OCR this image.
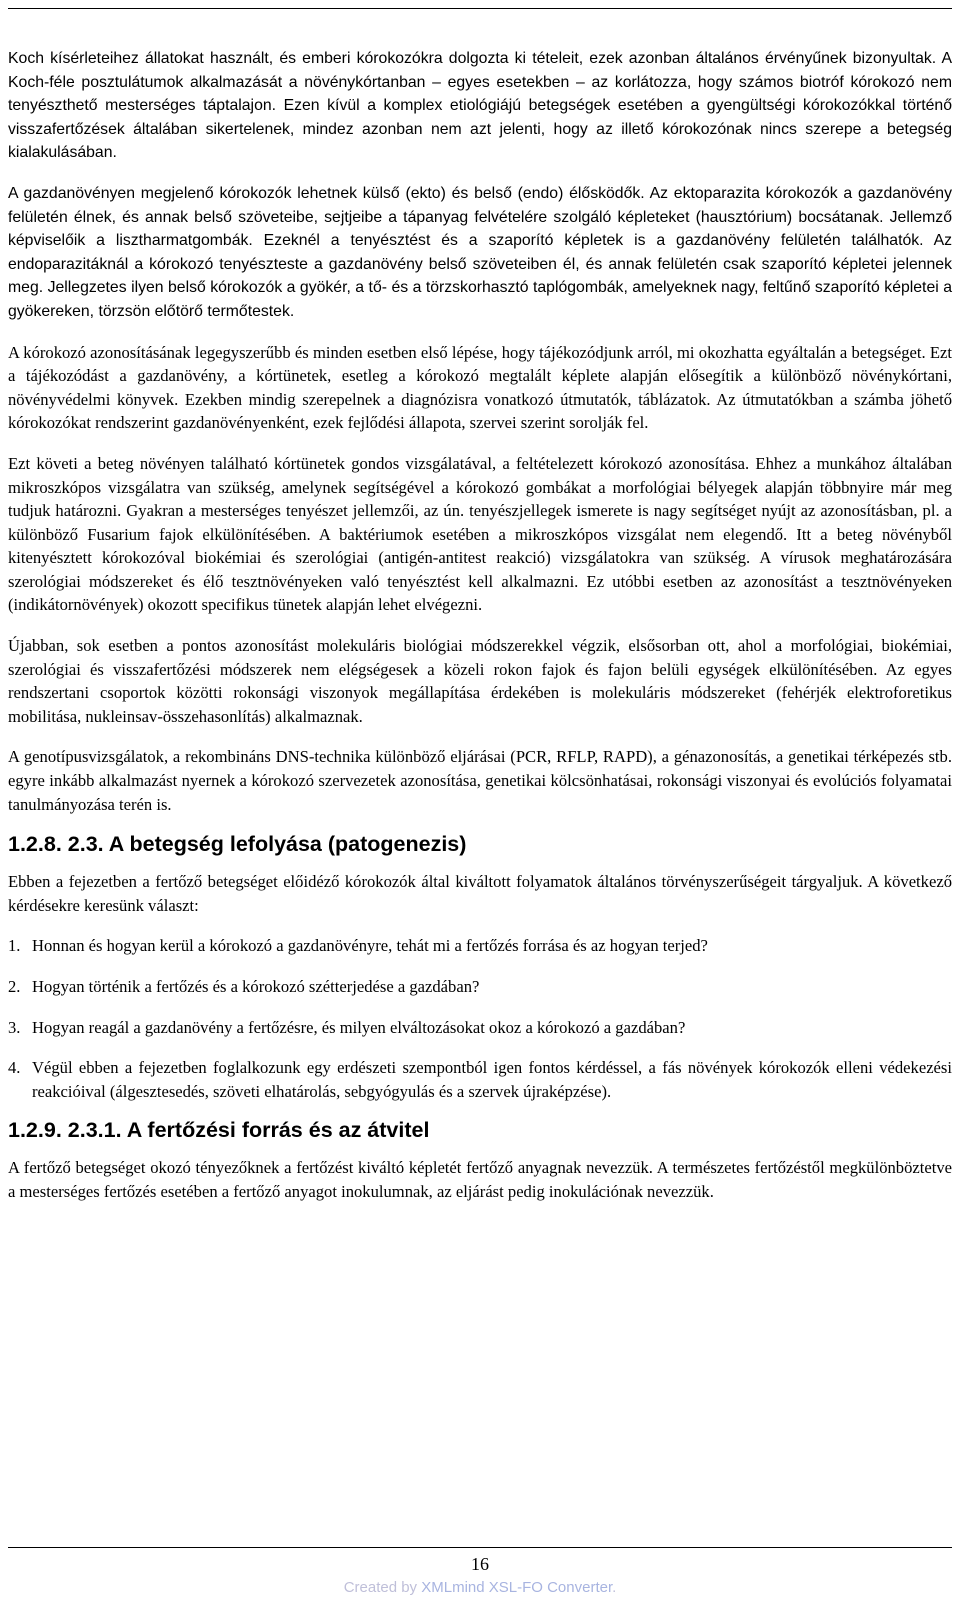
Koch kísérleteihez állatokat használt, és emberi kórokozókra dolgozta ki tételeit, ezek azonban általános érvényűnek bizonyultak. A Koch-féle posztulátumok alkalmazását a növénykórtanban – egyes esetekben – az korlátozza, hogy számos biotróf kórokozó nem tenyészthető mesterséges táptalajon. Ezen kívül a komplex etiológiájú betegségek esetében a gyengültségi kórokozókkal történő visszafertőzések általában sikertelenek, mindez azonban nem azt jelenti, hogy az illető kórokozónak nincs szerepe a betegség kialakulásában.

A gazdanövényen megjelenő kórokozók lehetnek külső (ekto) és belső (endo) élősködők. Az ektoparazita kórokozók a gazdanövény felületén élnek, és annak belső szöveteibe, sejtjeibe a tápanyag felvételére szolgáló képleteket (hausztórium) bocsátanak. Jellemző képviselőik a lisztharmatgombák. Ezeknél a tenyésztést és a szaporító képletek is a gazdanövény felületén találhatók. Az endoparazitáknál a kórokozó tenyészteste a gazdanövény belső szöveteiben él, és annak felületén csak szaporító képletei jelennek meg. Jellegzetes ilyen belső kórokozók a gyökér, a tő- és a törzskorhasztó taplógombák, amelyeknek nagy, feltűnő szaporító képletei a gyökereken, törzsön előtörő termőtestek.

A kórokozó azonosításának legegyszerűbb és minden esetben első lépése, hogy tájékozódjunk arról, mi okozhatta egyáltalán a betegséget. Ezt a tájékozódást a gazdanövény, a kórtünetek, esetleg a kórokozó megtalált képlete alapján elősegítik a különböző növénykórtani, növényvédelmi könyvek. Ezekben mindig szerepelnek a diagnózisra vonatkozó útmutatók, táblázatok. Az útmutatókban a számba jöhető kórokozókat rendszerint gazdanövényenként, ezek fejlődési állapota, szervei szerint sorolják fel.

Ezt követi a beteg növényen található kórtünetek gondos vizsgálatával, a feltételezett kórokozó azonosítása. Ehhez a munkához általában mikroszkópos vizsgálatra van szükség, amelynek segítségével a kórokozó gombákat a morfológiai bélyegek alapján többnyire már meg tudjuk határozni. Gyakran a mesterséges tenyészet jellemzői, az ún. tenyészjellegek ismerete is nagy segítséget nyújt az azonosításban, pl. a különböző Fusarium fajok elkülönítésében. A baktériumok esetében a mikroszkópos vizsgálat nem elegendő. Itt a beteg növényből kitenyésztett kórokozóval biokémiai és szerológiai (antigén-antitest reakció) vizsgálatokra van szükség. A vírusok meghatározására szerológiai módszereket és élő tesztnövényeken való tenyésztést kell alkalmazni. Ez utóbbi esetben az azonosítást a tesztnövényeken (indikátornövények) okozott specifikus tünetek alapján lehet elvégezni.

Újabban, sok esetben a pontos azonosítást molekuláris biológiai módszerekkel végzik, elsősorban ott, ahol a morfológiai, biokémiai, szerológiai és visszafertőzési módszerek nem elégségesek a közeli rokon fajok és fajon belüli egységek elkülönítésében. Az egyes rendszertani csoportok közötti rokonsági viszonyok megállapítása érdekében is molekuláris módszereket (fehérjék elektroforetikus mobilitása, nukleinsav-összehasonlítás) alkalmaznak.

A genotípusvizsgálatok, a rekombináns DNS-technika különböző eljárásai (PCR, RFLP, RAPD), a génazonosítás, a genetikai térképezés stb. egyre inkább alkalmazást nyernek a kórokozó szervezetek azonosítása, genetikai kölcsönhatásai, rokonsági viszonyai és evolúciós folyamatai tanulmányozása terén is.

1.2.8. 2.3. A betegség lefolyása (patogenezis)

Ebben a fejezetben a fertőző betegséget előidéző kórokozók által kiváltott folyamatok általános törvényszerűségeit tárgyaljuk. A következő kérdésekre keresünk választ:

1. Honnan és hogyan kerül a kórokozó a gazdanövényre, tehát mi a fertőzés forrása és az hogyan terjed?
2. Hogyan történik a fertőzés és a kórokozó szétterjedése a gazdában?
3. Hogyan reagál a gazdanövény a fertőzésre, és milyen elváltozásokat okoz a kórokozó a gazdában?
4. Végül ebben a fejezetben foglalkozunk egy erdészeti szempontból igen fontos kérdéssel, a fás növények kórokozók elleni védekezési reakcióival (álgesztesedés, szöveti elhatárolás, sebgyógyulás és a szervek újraképzése).
1.2.9. 2.3.1. A fertőzési forrás és az átvitel

A fertőző betegséget okozó tényezőknek a fertőzést kiváltó képletét fertőző anyagnak nevezzük. A természetes fertőzéstől megkülönböztetve a mesterséges fertőzés esetében a fertőző anyagot inokulumnak, az eljárást pedig inokulációnak nevezzük.

16
Created by XMLmind XSL-FO Converter.
